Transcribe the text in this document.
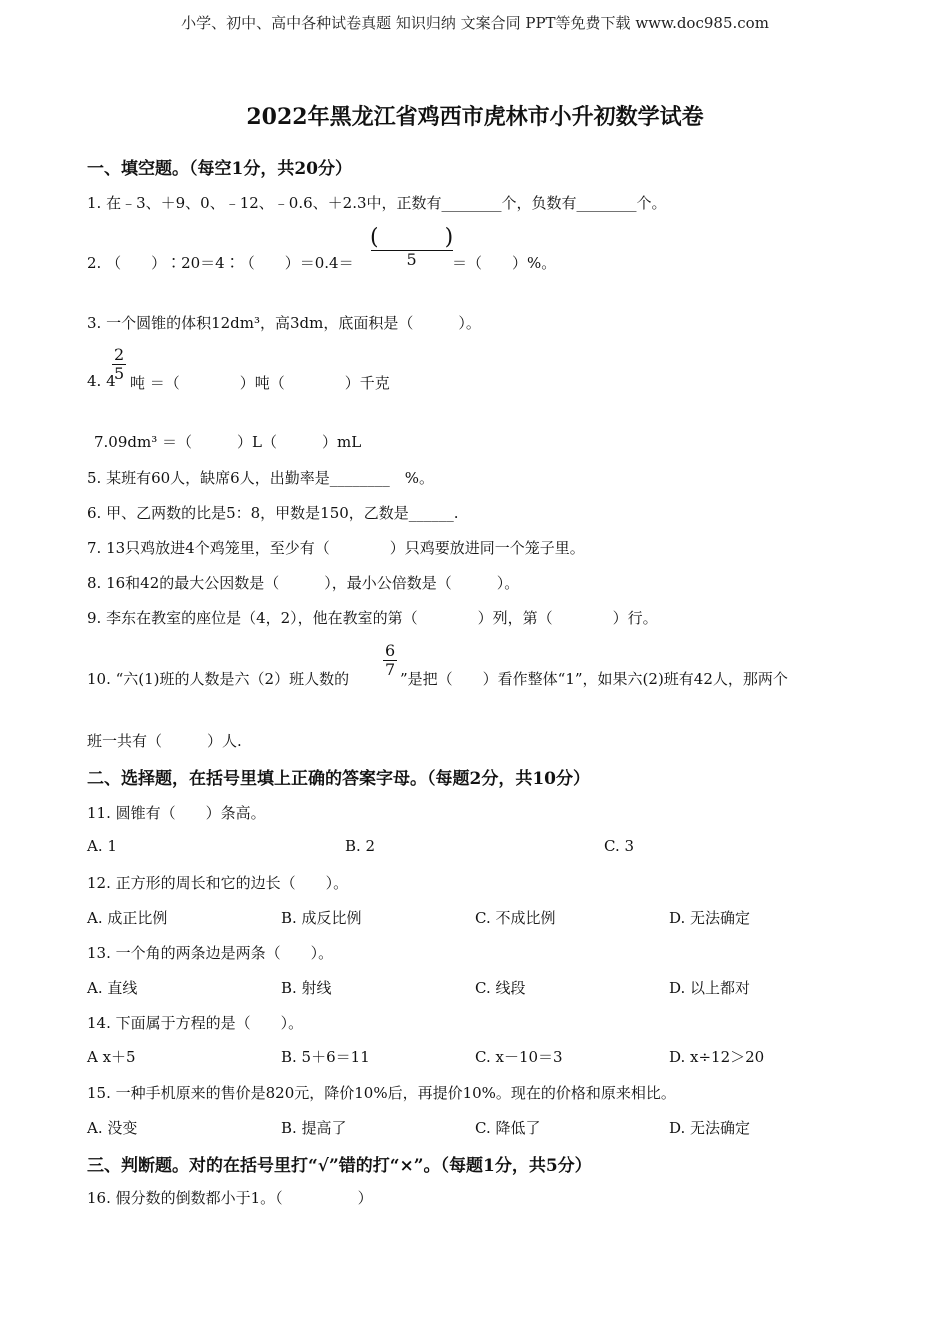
小学、初中、高中各种试卷真题 知识归纳 文案合同 PPT等免费下载 www.doc985.com
2022年黑龙江省鸡西市虎林市小升初数学试卷
一、填空题。（每空1分，共20分）
1. 在﹣3、＋9、0、﹣12、﹣0.6、＋2.3中，正数有________个，负数有________个。
2. （　　）∶20＝4∶（　　）＝0.4＝
(　　　)
5	＝（　　）%。
3. 一个圆锥的体积12dm³，高3dm，底面积是（　　　）。
4. 4
$\frac{2}{5}$
吨 ＝（　　　　）吨（　　　　）千克
7.09dm³ ＝（　　　）L（　　　）mL
5. 某班有60人，缺席6人，出勤率是________　%。
6. 甲、乙两数的比是5：8，甲数是150，乙数是______.
7. 13只鸡放进4个鸡笼里，至少有（　　　　）只鸡要放进同一个笼子里。
8. 16和42的最大公因数是（　　　），最小公倍数是（　　　）。
9. 李东在教室的座位是（4，2），他在教室的第（　　　　）列，第（　　　　）行。
10. “六(1)班的人数是六（2）班人数的
$\frac{6}{7}$
”是把（　　）看作整体“1”，如果六(2)班有42人，那两个
班一共有（　　　）人.
二、选择题，在括号里填上正确的答案字母。（每题2分，共10分）
11. 圆锥有（　　）条高。
A. 1	B. 2	C. 3
12. 正方形的周长和它的边长（　　）。
A. 成正比例	B. 成反比例	C. 不成比例	D. 无法确定
13. 一个角的两条边是两条（　　）。
A. 直线	B. 射线	C. 线段	D. 以上都对
14. 下面属于方程的是（　　）。
A x＋5	B. 5＋6＝11	C. x－10＝3	D. x÷12＞20
15. 一种手机原来的售价是820元，降价10%后，再提价10%。现在的价格和原来相比。
A. 没变	B. 提高了	C. 降低了	D. 无法确定
三、判断题。对的在括号里打“√”错的打“×”。（每题1分，共5分）
16. 假分数的倒数都小于1。（　　　　　）
